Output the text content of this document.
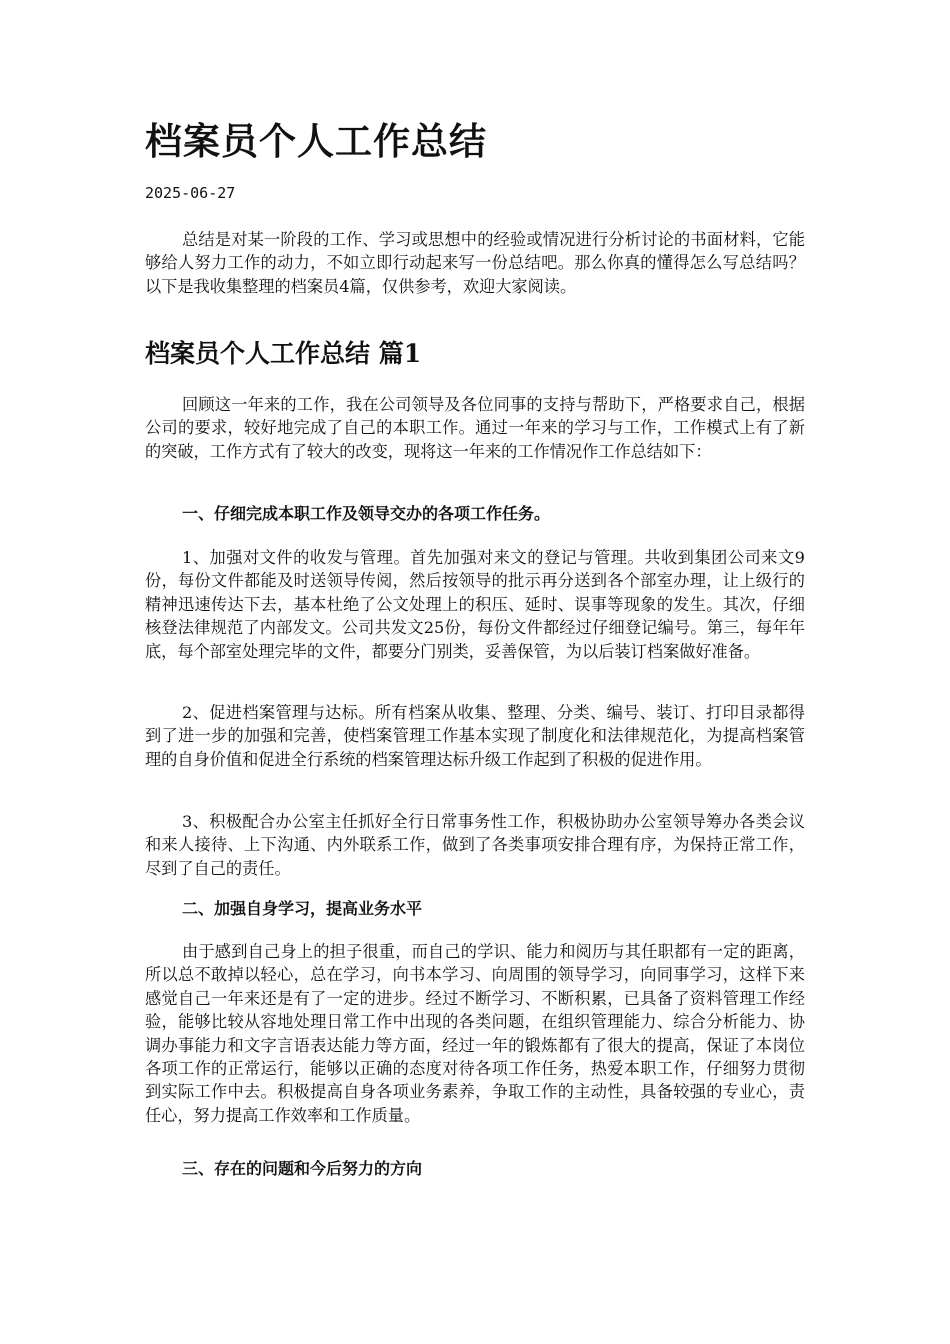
档案员个人工作总结
2025-06-27

总结是对某一阶段的工作、学习或思想中的经验或情况进行分析讨论的书面材料，它能够给人努力工作的动力，不如立即行动起来写一份总结吧。那么你真的懂得怎么写总结吗？以下是我收集整理的档案员4篇，仅供参考，欢迎大家阅读。

档案员个人工作总结 篇1

回顾这一年来的工作，我在公司领导及各位同事的支持与帮助下，严格要求自己，根据公司的要求，较好地完成了自己的本职工作。通过一年来的学习与工作，工作模式上有了新的突破，工作方式有了较大的改变，现将这一年来的工作情况作工作总结如下：

一、仔细完成本职工作及领导交办的各项工作任务。

1、加强对文件的收发与管理。首先加强对来文的登记与管理。共收到集团公司来文9份，每份文件都能及时送领导传阅，然后按领导的批示再分送到各个部室办理，让上级行的精神迅速传达下去，基本杜绝了公文处理上的积压、延时、误事等现象的发生。其次，仔细核登法律规范了内部发文。公司共发文25份，每份文件都经过仔细登记编号。第三，每年年底，每个部室处理完毕的文件，都要分门别类，妥善保管，为以后装订档案做好准备。

2、促进档案管理与达标。所有档案从收集、整理、分类、编号、装订、打印目录都得到了进一步的加强和完善，使档案管理工作基本实现了制度化和法律规范化，为提高档案管理的自身价值和促进全行系统的档案管理达标升级工作起到了积极的促进作用。

3、积极配合办公室主任抓好全行日常事务性工作，积极协助办公室领导筹办各类会议和来人接待、上下沟通、内外联系工作，做到了各类事项安排合理有序，为保持正常工作，尽到了自己的责任。

二、加强自身学习，提高业务水平

由于感到自己身上的担子很重，而自己的学识、能力和阅历与其任职都有一定的距离，所以总不敢掉以轻心，总在学习，向书本学习、向周围的领导学习，向同事学习，这样下来感觉自己一年来还是有了一定的进步。经过不断学习、不断积累，已具备了资料管理工作经验，能够比较从容地处理日常工作中出现的各类问题，在组织管理能力、综合分析能力、协调办事能力和文字言语表达能力等方面，经过一年的锻炼都有了很大的提高，保证了本岗位各项工作的正常运行，能够以正确的态度对待各项工作任务，热爱本职工作，仔细努力贯彻到实际工作中去。积极提高自身各项业务素养，争取工作的主动性，具备较强的专业心，责任心，努力提高工作效率和工作质量。

三、存在的问题和今后努力的方向
